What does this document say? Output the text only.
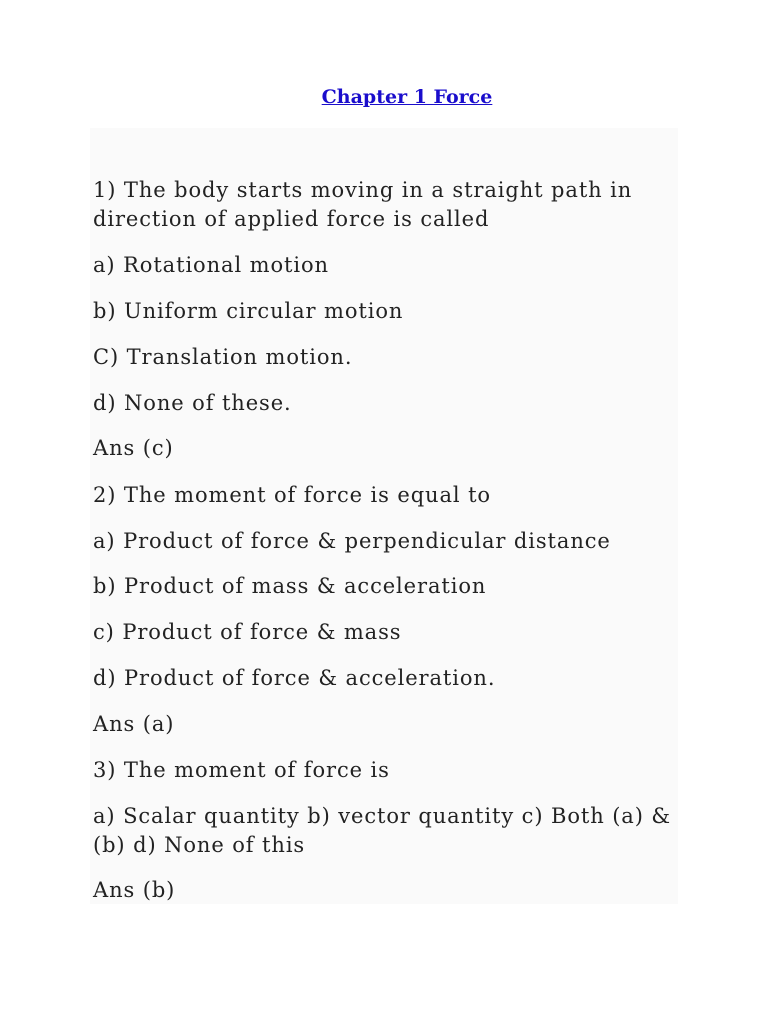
Chapter 1 Force

1) The body starts moving in a straight path in

direction of applied force is called

a) Rotational motion

b) Uniform circular motion

C) Translation motion.

d) None of these.

Ans (c)

2) The moment of force is equal to

a) Product of force & perpendicular distance

b) Product of mass & acceleration

c) Product of force & mass

d) Product of force & acceleration.

Ans (a)

3) The moment of force is

a) Scalar quantity b) vector quantity c) Both (a) &

(b) d) None of this

Ans (b)
